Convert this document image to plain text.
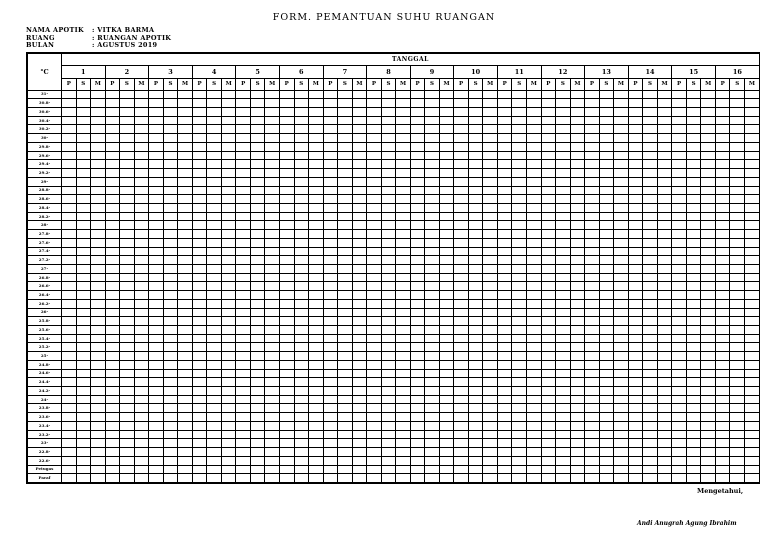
FORM. PEMANTUAN SUHU RUANGAN
NAMA APOTIK	: VITKA BARMA
RUANG	: RUANGAN APOTIK
BULAN	: AGUSTUS 2019
°C	TANGGAL																																															
	1			2			3			4			5			6			7			8			9			10			11			12			13			14			15			16		
	P	S	M	P	S	M	P	S	M	P	S	M	P	S	M	P	S	M	P	S	M	P	S	M	P	S	M	P	S	M	P	S	M	P	S	M	P	S	M	P	S	M	P	S	M	P	S	M
31-																																																
30.8-																																																
30.6-																																																
30.4-																																																
30.2-																																																
30-																																																
29.8-																																																
29.6-																																																
29.4-																																																
29.2-																																																
29-																																																
28.8-																																																
28.6-																																																
28.4-																																																
28.2-																																																
28-																																																
27.8-																																																
27.6-																																																
27.4-																																																
27.2-																																																
27-																																																
26.8-																																																
26.6-																																																
26.4-																																																
26.2-																																																
26-																																																
25.8-																																																
25.6-																																																
25.4-																																																
25.2-																																																
25-																																																
24.8-																																																
24.6-																																																
24.4-																																																
24.2-																																																
24-																																																
23.8-																																																
23.6-																																																
23.4-																																																
23.2-																																																
23-																																																
22.8-																																																
22.6-																																																
Petugas																																																
Paraf																																																
Mengetahui,
Andi Anugrah Agung Ibrahim
